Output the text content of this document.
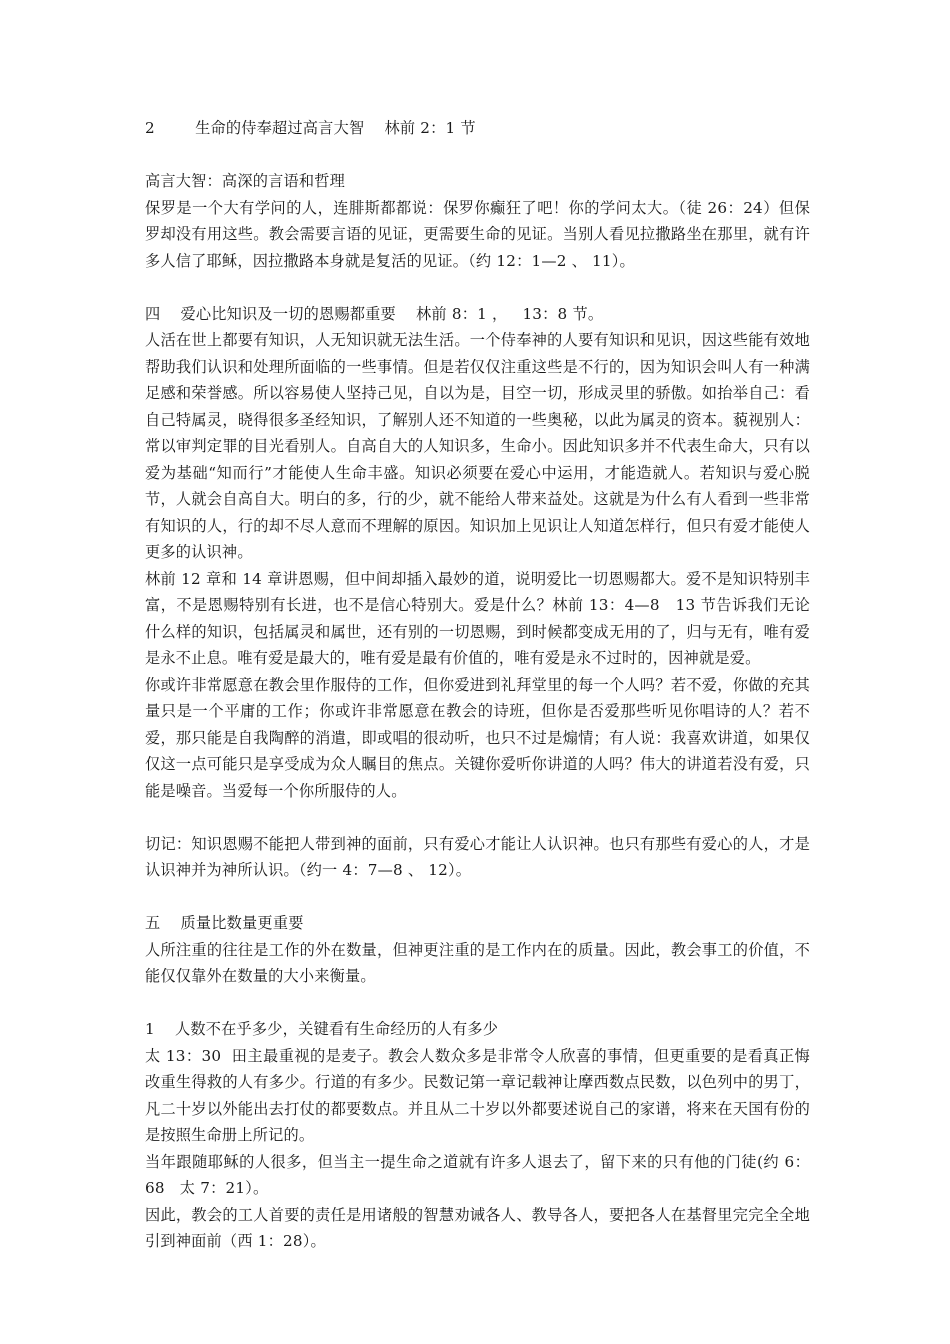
2        生命的侍奉超过高言大智    林前 2：1 节

高言大智：高深的言语和哲理

保罗是一个大有学问的人，连腓斯都都说：保罗你癫狂了吧！你的学问太大。（徒 26：24）但保罗却没有用这些。教会需要言语的见证，更需要生命的见证。当别人看见拉撒路坐在那里，就有许多人信了耶稣，因拉撒路本身就是复活的见证。（约 12：1—2 、 11）。

四    爱心比知识及一切的恩赐都重要    林前 8：1 ，   13：8 节。

人活在世上都要有知识，人无知识就无法生活。一个侍奉神的人要有知识和见识，因这些能有效地帮助我们认识和处理所面临的一些事情。但是若仅仅注重这些是不行的，因为知识会叫人有一种满足感和荣誉感。所以容易使人坚持己见，自以为是，目空一切，形成灵里的骄傲。如抬举自己：看自己特属灵，晓得很多圣经知识，了解别人还不知道的一些奥秘，以此为属灵的资本。藐视别人：常以审判定罪的目光看别人。自高自大的人知识多，生命小。因此知识多并不代表生命大，只有以爱为基础“知而行”才能使人生命丰盛。知识必须要在爱心中运用，才能造就人。若知识与爱心脱节，人就会自高自大。明白的多，行的少，就不能给人带来益处。这就是为什么有人看到一些非常有知识的人，行的却不尽人意而不理解的原因。知识加上见识让人知道怎样行，但只有爱才能使人更多的认识神。

林前 12 章和 14 章讲恩赐，但中间却插入最妙的道，说明爱比一切恩赐都大。爱不是知识特别丰富，不是恩赐特别有长进，也不是信心特别大。爱是什么？林前 13：4—8   13 节告诉我们无论什么样的知识，包括属灵和属世，还有别的一切恩赐，到时候都变成无用的了，归与无有，唯有爱是永不止息。唯有爱是最大的，唯有爱是最有价值的，唯有爱是永不过时的，因神就是爱。

你或许非常愿意在教会里作服侍的工作，但你爱进到礼拜堂里的每一个人吗？若不爱，你做的充其量只是一个平庸的工作；你或许非常愿意在教会的诗班，但你是否爱那些听见你唱诗的人？若不爱，那只能是自我陶醉的消遣，即或唱的很动听，也只不过是煽情；有人说：我喜欢讲道，如果仅仅这一点可能只是享受成为众人瞩目的焦点。关键你爱听你讲道的人吗？伟大的讲道若没有爱，只能是噪音。当爱每一个你所服侍的人。

切记：知识恩赐不能把人带到神的面前，只有爱心才能让人认识神。也只有那些有爱心的人，才是认识神并为神所认识。（约一 4：7—8 、 12）。

五    质量比数量更重要

人所注重的往往是工作的外在数量，但神更注重的是工作内在的质量。因此，教会事工的价值，不能仅仅靠外在数量的大小来衡量。

1    人数不在乎多少，关键看有生命经历的人有多少

太 13：30  田主最重视的是麦子。教会人数众多是非常令人欣喜的事情，但更重要的是看真正悔改重生得救的人有多少。行道的有多少。民数记第一章记载神让摩西数点民数，以色列中的男丁，凡二十岁以外能出去打仗的都要数点。并且从二十岁以外都要述说自己的家谱，将来在天国有份的是按照生命册上所记的。

当年跟随耶稣的人很多，但当主一提生命之道就有许多人退去了，留下来的只有他的门徒(约 6：68   太 7：21）。

因此，教会的工人首要的责任是用诸般的智慧劝诫各人、教导各人，要把各人在基督里完完全全地引到神面前（西 1：28）。
